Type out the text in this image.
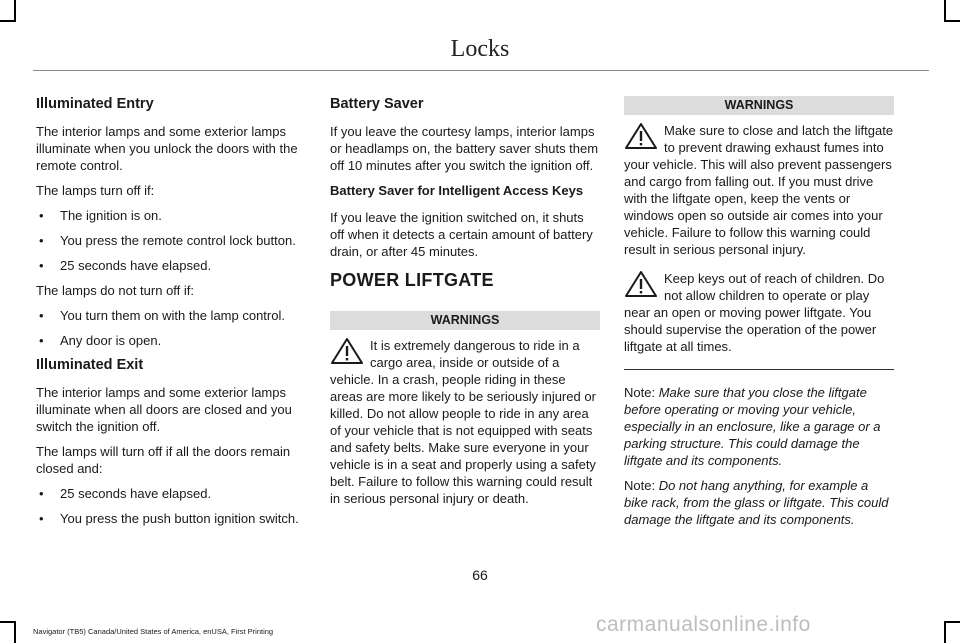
Locks
Illuminated Entry

The interior lamps and some exterior lamps illuminate when you unlock the doors with the remote control.

The lamps turn off if:

• The ignition is on.
• You press the remote control lock button.
• 25 seconds have elapsed.

The lamps do not turn off if:

• You turn them on with the lamp control.
• Any door is open.
Illuminated Exit

The interior lamps and some exterior lamps illuminate when all doors are closed and you switch the ignition off.

The lamps will turn off if all the doors remain closed and:

• 25 seconds have elapsed.
• You press the push button ignition switch.
Battery Saver

If you leave the courtesy lamps, interior lamps or headlamps on, the battery saver shuts them off 10 minutes after you switch the ignition off.

Battery Saver for Intelligent Access Keys

If you leave the ignition switched on, it shuts off when it detects a certain amount of battery drain, or after 45 minutes.

POWER LIFTGATE
WARNINGS
It is extremely dangerous to ride in a cargo area, inside or outside of a vehicle. In a crash, people riding in these areas are more likely to be seriously injured or killed. Do not allow people to ride in any area of your vehicle that is not equipped with seats and safety belts. Make sure everyone in your vehicle is in a seat and properly using a safety belt. Failure to follow this warning could result in serious personal injury or death.
WARNINGS
Make sure to close and latch the liftgate to prevent drawing exhaust fumes into your vehicle. This will also prevent passengers and cargo from falling out. If you must drive with the liftgate open, keep the vents or windows open so outside air comes into your vehicle. Failure to follow this warning could result in serious personal injury.
Keep keys out of reach of children. Do not allow children to operate or play near an open or moving power liftgate. You should supervise the operation of the power liftgate at all times.

Note: Make sure that you close the liftgate before operating or moving your vehicle, especially in an enclosure, like a garage or a parking structure. This could damage the liftgate and its components.

Note: Do not hang anything, for example a bike rack, from the glass or liftgate. This could damage the liftgate and its components.

66
Navigator (TB5) Canada/United States of America, enUSA, First Printing	carmanualsonline.info
